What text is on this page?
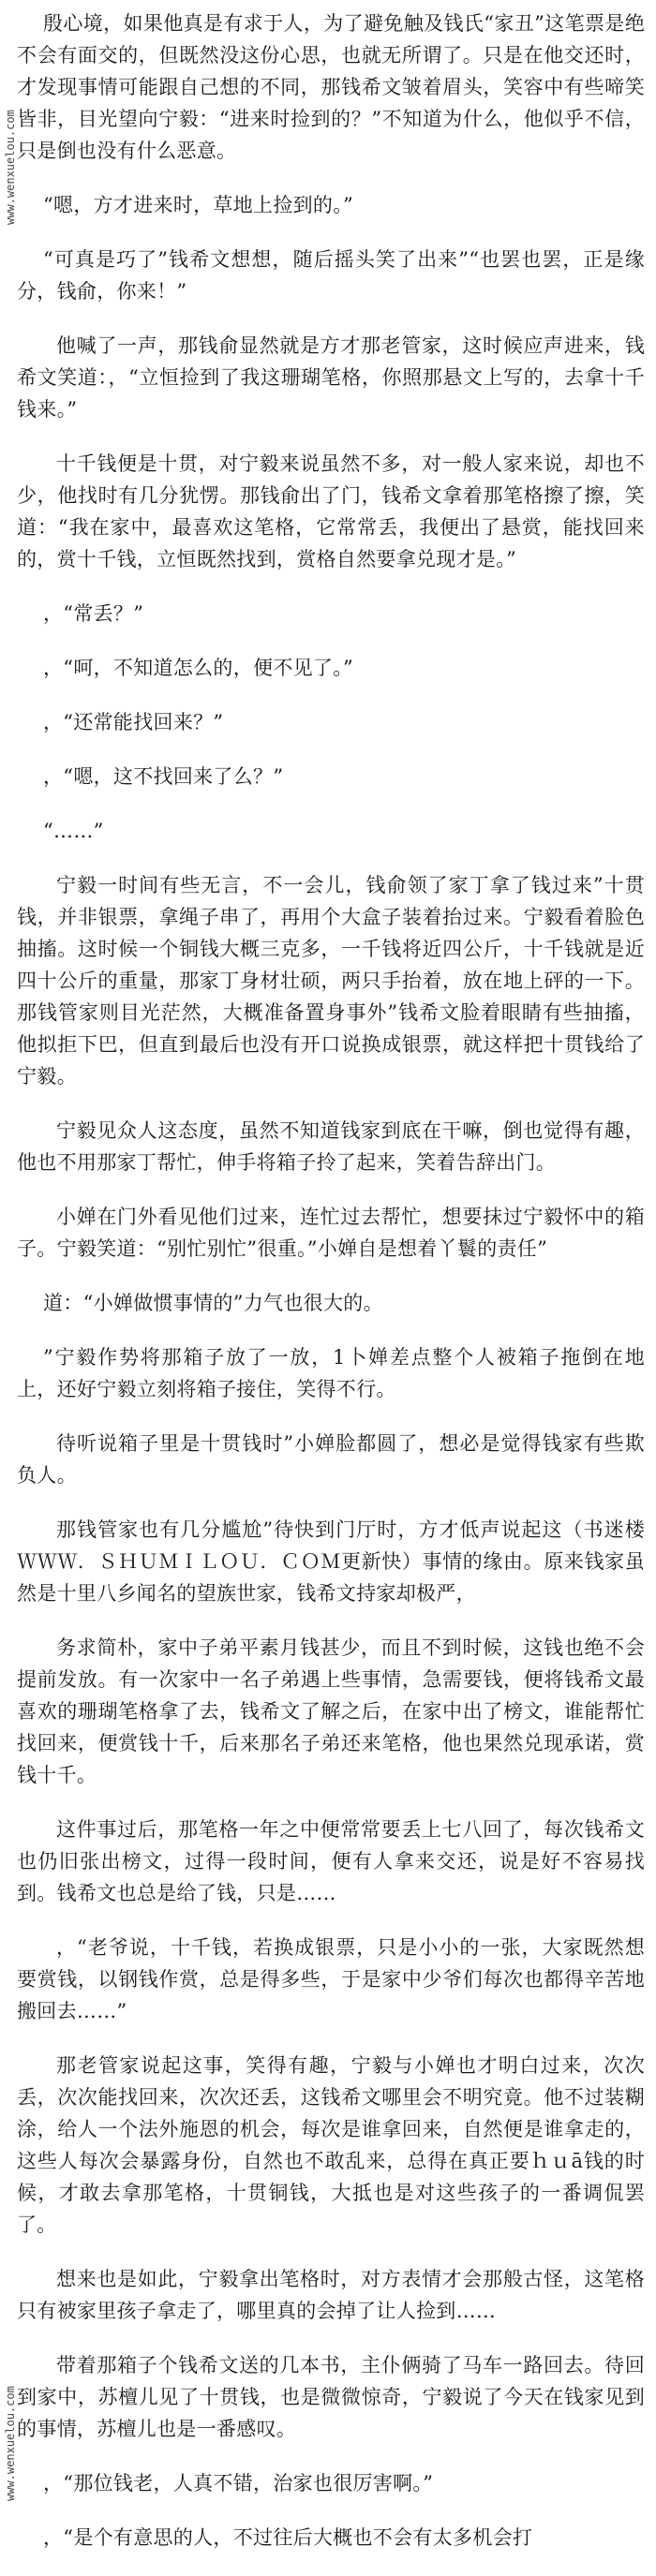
www.wenxuelou.com
www.wenxuelou.com

殷心境，如果他真是有求于人，为了避免触及钱氏“家丑”这笔票是绝不会有面交的，但既然没这份心思，也就无所谓了。只是在他交还时，才发现事情可能跟自己想的不同，那钱希文皱着眉头，笑容中有些啼笑皆非，目光望向宁毅：“进来时捡到的？”不知道为什么，他似乎不信，只是倒也没有什么恶意。

“嗯，方才进来时，草地上捡到的。”

“可真是巧了”钱希文想想，随后摇头笑了出来”“也罢也罢，正是缘分，钱俞，你来！”

他喊了一声，那钱俞显然就是方才那老管家，这时候应声进来，钱希文笑道：，“立恒捡到了我这珊瑚笔格，你照那悬文上写的，去拿十千钱来。”

十千钱便是十贯，对宁毅来说虽然不多，对一般人家来说，却也不少，他找时有几分犹愣。那钱俞出了门，钱希文拿着那笔格擦了擦，笑道：“我在家中，最喜欢这笔格，它常常丢，我便出了悬赏，能找回来的，赏十千钱，立恒既然找到，赏格自然要拿兑现才是。”

，“常丢？”

，“呵，不知道怎么的，便不见了。”

，“还常能找回来？”

，“嗯，这不找回来了么？”

“……”

宁毅一时间有些无言，不一会儿，钱俞领了家丁拿了钱过来”十贯钱，并非银票，拿绳子串了，再用个大盒子装着抬过来。宁毅看着脸色抽搐。这时候一个铜钱大概三克多，一千钱将近四公斤，十千钱就是近四十公斤的重量，那家丁身材壮硕，两只手抬着，放在地上砰的一下。那钱管家则目光茫然，大概准备置身事外”钱希文脸着眼睛有些抽搐，他拟拒下巴，但直到最后也没有开口说换成银票，就这样把十贯钱给了宁毅。

宁毅见众人这态度，虽然不知道钱家到底在干嘛，倒也觉得有趣，他也不用那家丁帮忙，伸手将箱子拎了起来，笑着告辞出门。

小婵在门外看见他们过来，连忙过去帮忙，想要抹过宁毅怀中的箱子。宁毅笑道：“别忙别忙”很重。”小婵自是想着丫鬟的责任”

道：“小婵做惯事情的”力气也很大的。

”宁毅作势将那箱子放了一放，1卜婵差点整个人被箱子拖倒在地上，还好宁毅立刻将箱子接住，笑得不行。

待听说箱子里是十贯钱时”小婵脸都圆了，想必是觉得钱家有些欺负人。

那钱管家也有几分尴尬”待快到门厅时，方才低声说起这（书迷楼ＷＷＷ．ＳＨＵＭＩＬＯＵ．ＣＯＭ更新快）事情的缘由。原来钱家虽然是十里八乡闻名的望族世家，钱希文持家却极严，

务求简朴，家中子弟平素月钱甚少，而且不到时候，这钱也绝不会提前发放。有一次家中一名子弟遇上些事情，急需要钱，便将钱希文最喜欢的珊瑚笔格拿了去，钱希文了解之后，在家中出了榜文，谁能帮忙找回来，便赏钱十千，后来那名子弟还来笔格，他也果然兑现承诺，赏钱十千。

这件事过后，那笔格一年之中便常常要丢上七八回了，每次钱希文也仍旧张出榜文，过得一段时间，便有人拿来交还，说是好不容易找到。钱希文也总是给了钱，只是……

，“老爷说，十千钱，若换成银票，只是小小的一张，大家既然想要赏钱，以钢钱作赏，总是得多些，于是家中少爷们每次也都得辛苦地搬回去……”

那老管家说起这事，笑得有趣，宁毅与小婵也才明白过来，次次丢，次次能找回来，次次还丢，这钱希文哪里会不明究竟。他不过装糊涂，给人一个法外施恩的机会，每次是谁拿回来，自然便是谁拿走的，这些人每次会暴露身份，自然也不敢乱来，总得在真正要ｈｕā钱的时候，才敢去拿那笔格，十贯铜钱，大抵也是对这些孩子的一番调侃罢了。

想来也是如此，宁毅拿出笔格时，对方表情才会那般古怪，这笔格只有被家里孩子拿走了，哪里真的会掉了让人捡到……

带着那箱子个钱希文送的几本书，主仆俩骑了马车一路回去。待回到家中，苏檀儿见了十贯钱，也是微微惊奇，宁毅说了今天在钱家见到的事情，苏檀儿也是一番感叹。

，“那位钱老，人真不错，治家也很厉害啊。”

，“是个有意思的人，不过往后大概也不会有太多机会打
